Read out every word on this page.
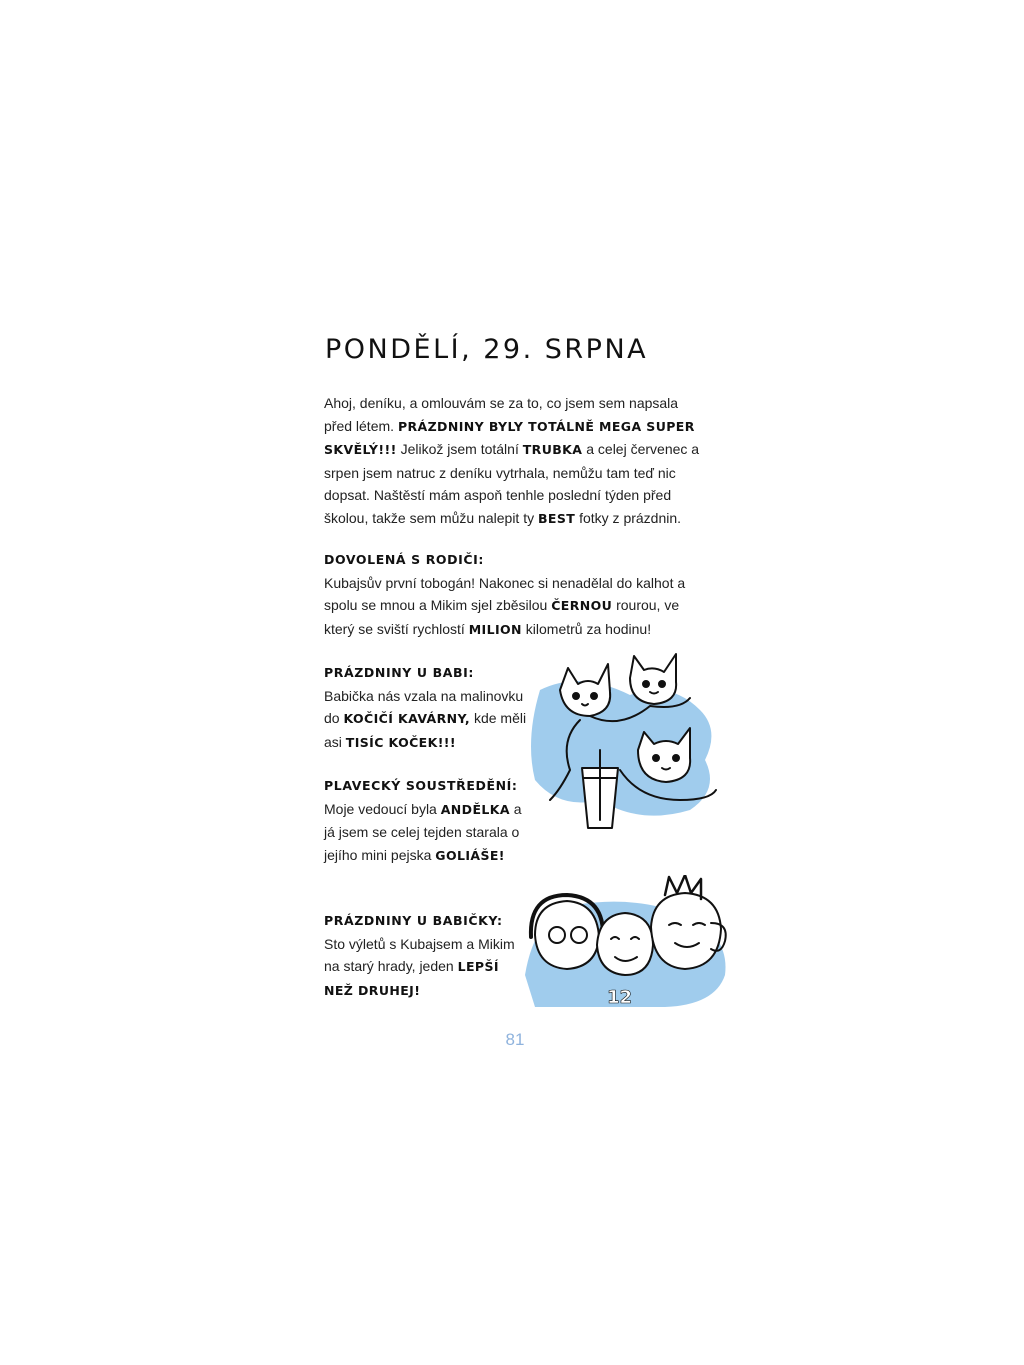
PONDĚLÍ, 29. SRPNA

Ahoj, deníku, a omlouvám se za to, co jsem sem napsala před létem. PRÁZDNINY BYLY TOTÁLNĚ MEGA SUPER SKVĚLÝ!!! Jelikož jsem totální TRUBKA a celej červenec a srpen jsem natruc z deníku vytrhala, nemůžu tam teď nic dopsat. Naštěstí mám aspoň tenhle poslední týden před školou, takže sem můžu nalepit ty BEST fotky z prázdnin.

DOVOLENÁ S RODIČI:
Kubajsův první tobogán! Nakonec si nenadělal do kalhot a spolu se mnou a Mikim sjel zběsilou ČERNOU rourou, ve který se sviští rychlostí MILION kilometrů za hodinu!

PRÁZDNINY U BABI:
Babička nás vzala na malinovku do KOČIČÍ KAVÁRNY, kde měli asi TISÍC KOČEK!!!

PLAVECKÝ SOUSTŘEDĚNÍ:
Moje vedoucí byla ANDĚLKA a já jsem se celej tejden starala o jejího mini pejska GOLIÁŠE!

PRÁZDNINY U BABIČKY:
Sto výletů s Kubajsem a Mikim na starý hrady, jeden LEPŠÍ NEŽ DRUHEJ!	12
81
